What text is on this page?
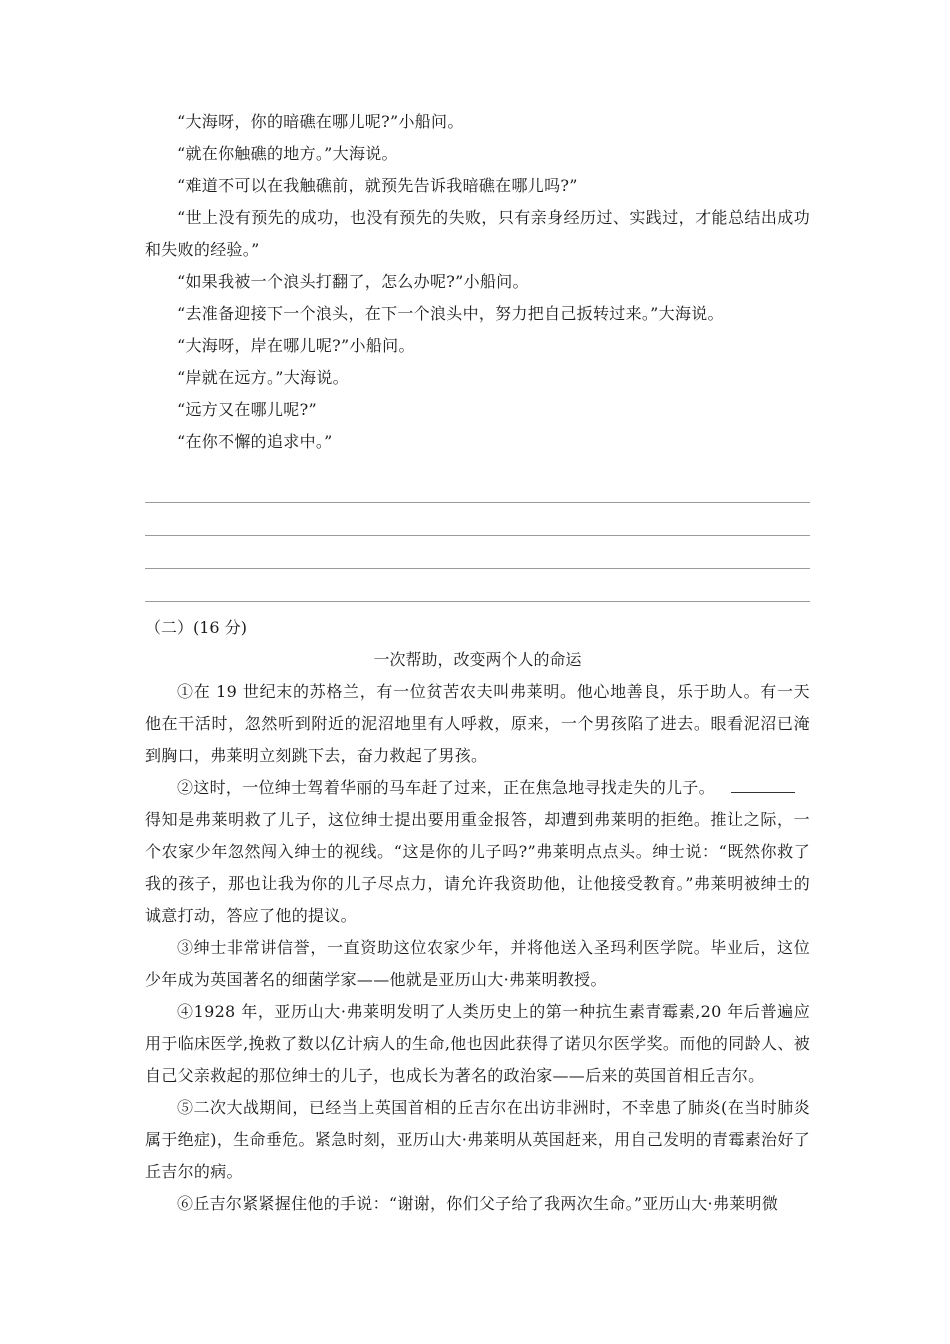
“大海呀，你的暗礁在哪儿呢?”小船问。
“就在你触礁的地方。”大海说。
“难道不可以在我触礁前，就预先告诉我暗礁在哪儿吗?”
“世上没有预先的成功，也没有预先的失败，只有亲身经历过、实践过，才能总结出成功和失败的经验。”
“如果我被一个浪头打翻了，怎么办呢?”小船问。
“去准备迎接下一个浪头，在下一个浪头中，努力把自己扳转过来。”大海说。
“大海呀，岸在哪儿呢?”小船问。
“岸就在远方。”大海说。
“远方又在哪儿呢?”
“在你不懈的追求中。”
（二）(16 分)
一次帮助，改变两个人的命运
①在 19 世纪末的苏格兰，有一位贫苦农夫叫弗莱明。他心地善良，乐于助人。有一天他在干活时，忽然听到附近的泥沼地里有人呼救，原来，一个男孩陷了进去。眼看泥沼已淹到胸口，弗莱明立刻跳下去，奋力救起了男孩。
②这时，一位绅士驾着华丽的马车赶了过来，正在焦急地寻找走失的儿子。
得知是弗莱明救了儿子，这位绅士提出要用重金报答，却遭到弗莱明的拒绝。推让之际，一个农家少年忽然闯入绅士的视线。“这是你的儿子吗?”弗莱明点点头。绅士说：“既然你救了我的孩子，那也让我为你的儿子尽点力，请允许我资助他，让他接受教育。”弗莱明被绅士的诚意打动，答应了他的提议。
③绅士非常讲信誉，一直资助这位农家少年，并将他送入圣玛利医学院。毕业后，这位少年成为英国著名的细菌学家——他就是亚历山大·弗莱明教授。
④1928 年，亚历山大·弗莱明发明了人类历史上的第一种抗生素青霉素,20 年后普遍应用于临床医学,挽救了数以亿计病人的生命,他也因此获得了诺贝尔医学奖。而他的同龄人、被自己父亲救起的那位绅士的儿子，也成长为著名的政治家——后来的英国首相丘吉尔。
⑤二次大战期间，已经当上英国首相的丘吉尔在出访非洲时，不幸患了肺炎(在当时肺炎属于绝症)，生命垂危。紧急时刻，亚历山大·弗莱明从英国赶来，用自己发明的青霉素治好了丘吉尔的病。
⑥丘吉尔紧紧握住他的手说：“谢谢，你们父子给了我两次生命。”亚历山大·弗莱明微
